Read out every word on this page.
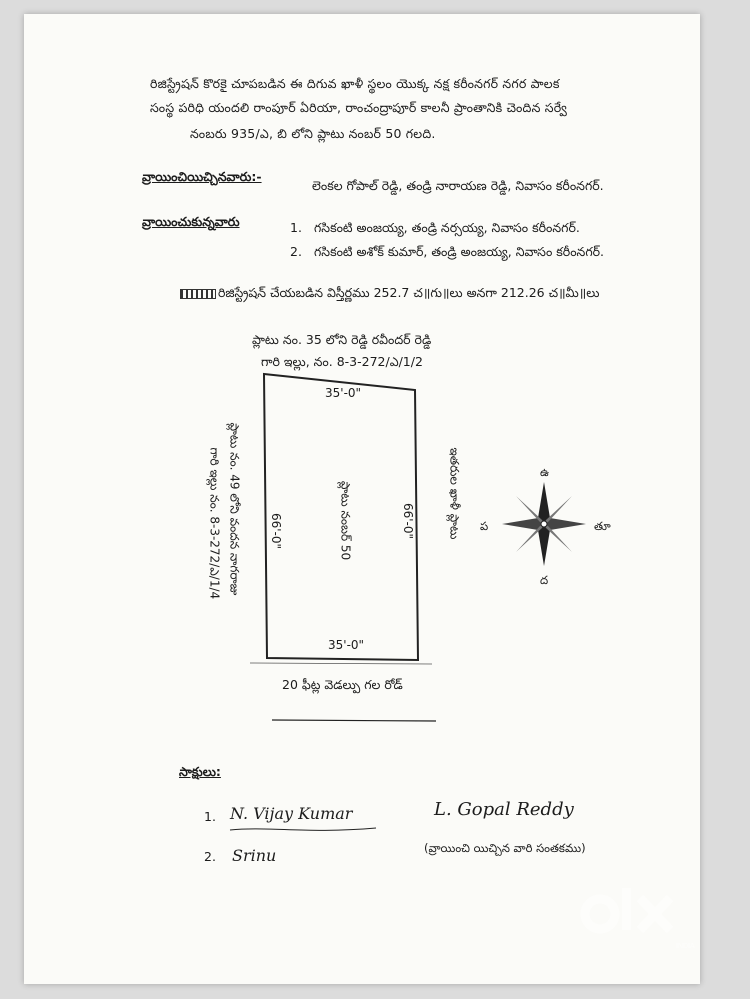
రిజిస్ట్రేషన్ కొరకై చూపబడిన ఈ దిగువ ఖాళీ స్థలం యొక్క నక్ష కరీంనగర్ నగర పాలక
సంస్థ పరిధి యందలి రాంపూర్ ఏరియా, రాంచంద్రాపూర్ కాలనీ ప్రాంతానికి చెందిన సర్వే
నంబరు 935/ఎ, బి లోని ప్లాటు నంబర్ 50 గలది.
వ్రాయించియిచ్చినవారు:-
లెంకల గోపాల్ రెడ్డి, తండ్రి నారాయణ రెడ్డి, నివాసం కరీంనగర్.
వ్రాయించుకున్నవారు	1. గసికంటి అంజయ్య, తండ్రి నర్సయ్య, నివాసం కరీంనగర్.
2. గసికంటి అశోక్ కుమార్, తండ్రి అంజయ్య, నివాసం కరీంనగర్.
రిజిస్ట్రేషన్ చేయబడిన విస్తీర్ణము 252.7 చ॥గు॥లు అనగా 212.26 చ॥మీ॥లు
ప్లాటు నం. 35 లోని రెడ్డి రవీందర్ రెడ్డి
గారి ఇల్లు, నం. 8-3-272/ఎ/1/2
35'-0"
35'-0"
66'-0"	66'-0"
ప్లాటు నంబర్ 50
ప్లాటు నం. 49 లోని వందన నాగరాజు
గారి ఇల్లు నం. 8-3-272/ఎ/1/4	ఇతరుల ఖాళీ ప్లాటు
20 ఫీట్ల వెడల్పు గల రోడ్
ఉ
ద
ప	తూ
సాక్షులు:
1. N. Vijay Kumar
2. Srinu
L. Gopal Reddy
(వ్రాయించి యిచ్చిన వారి సంతకము)
INDIA
